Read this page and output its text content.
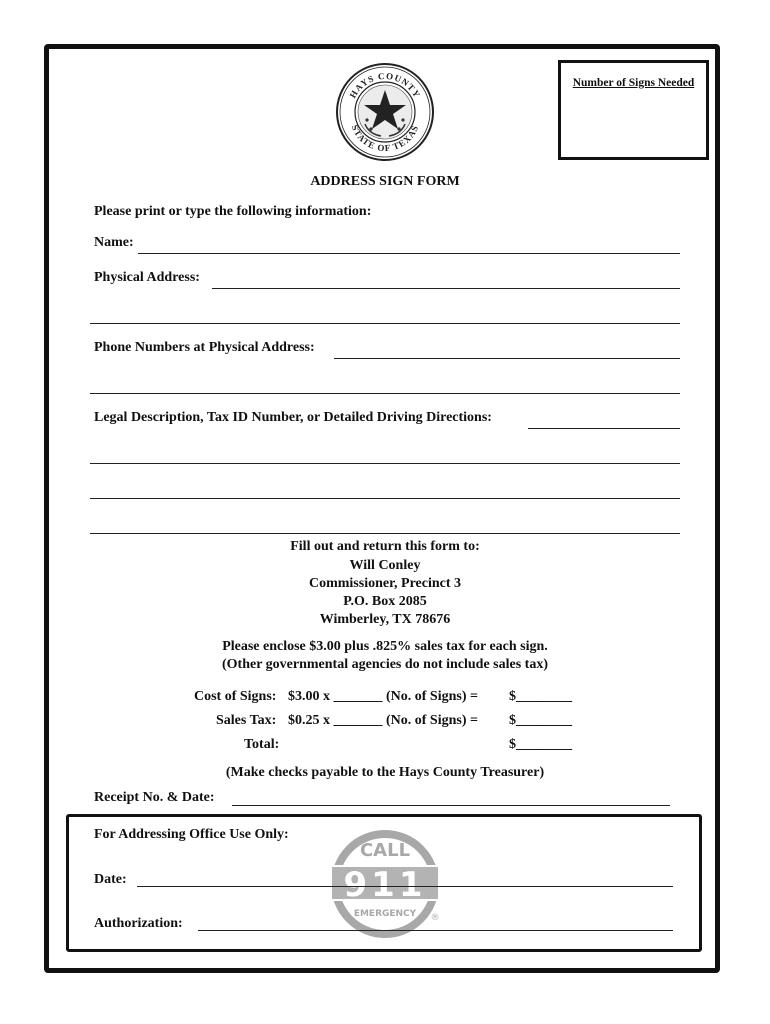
HAYS COUNTY
STATE OF TEXAS
Number of Signs Needed
ADDRESS SIGN FORM
Please print or type the following information:
Name:
Physical Address:
Phone Numbers at Physical Address:
Legal Description, Tax ID Number, or Detailed Driving Directions:
Fill out and return this form to:
Will Conley
Commissioner, Precinct 3
P.O. Box 2085
Wimberley, TX 78676
Please enclose $3.00 plus .825% sales tax for each sign.
(Other governmental agencies do not include sales tax)
Cost of Signs: $3.00 x _______ (No. of Signs) = $________
Sales Tax: $0.25 x _______ (No. of Signs) = $________
Total:	$________
(Make checks payable to the Hays County Treasurer)
Receipt No. & Date:
CALL
911
EMERGENCY ®
For Addressing Office Use Only:
Date:
Authorization:
